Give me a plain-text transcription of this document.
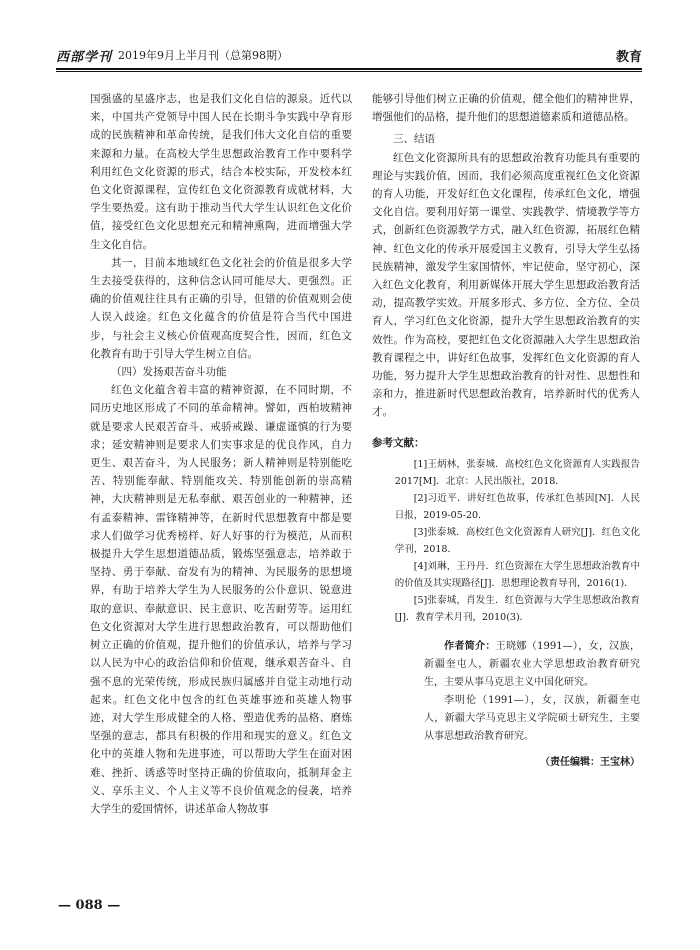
西部学刊 2019年9月上半月刊（总第98期）	教育

国强盛的星盛序志，也是我们文化自信的源泉。近代以来，中国共产党领导中国人民在长期斗争实践中孕育形成的民族精神和革命传统，是我们伟大文化自信的重要来源和力量。在高校大学生思想政治教育工作中要科学利用红色文化资源的形式，结合本校实际，开发校本红色文化资源课程，宣传红色文化资源教育成就材料，大学生要热爱。这有助于推动当代大学生认识红色文化价值，接受红色文化思想充元和精神熏陶，进而增强大学生文化自信。

其一，目前本地域红色文化社会的价值是很多大学生去接受获得的，这种信念认同可能尽大、更强烈。正确的价值观往往具有正确的引导，但错的价值观则会使人误入歧途。红色文化蕴含的价值是符合当代中国进步，与社会主义核心价值观高度契合性，因而，红色文化教育有助于引导大学生树立自信。

（四）发扬艰苦奋斗功能

红色文化蕴含着丰富的精神资源，在不同时期，不同历史地区形成了不同的革命精神。譬如，西柏坡精神就是要求人民艰苦奋斗、戒骄戒躁、谦虚谨慎的行为要求；延安精神则是要求人们实事求是的优良作风，自力更生、艰苦奋斗，为人民服务；新人精神则是特别能吃苦、特别能奉献、特别能攻关、特别能创新的崇高精神，大庆精神则是无私奉献、艰苦创业的一种精神，还有孟泰精神、雷锋精神等，在新时代思想教育中都是要求人们做学习优秀榜样、好人好事的行为模范，从而积极提升大学生思想道德品质，锻炼坚强意志，培养敢于坚持、勇于奉献、奋发有为的精神、为民服务的思想境界，有助于培养大学生为人民服务的公仆意识、锐意进取的意识、奉献意识、民主意识、吃苦耐劳等。运用红色文化资源对大学生进行思想政治教育，可以帮助他们树立正确的价值观，提升他们的价值承认，培养与学习以人民为中心的政治信仰和价值观，继承艰苦奋斗、自强不息的光荣传统，形成民族归属感并自觉主动地行动起来。红色文化中包含的红色英雄事迹和英雄人物事迹，对大学生形成健全的人格、塑造优秀的品格、磨炼坚强的意志，都具有积极的作用和现实的意义。红色文化中的英雄人物和先进事迹，可以帮助大学生在面对困难、挫折、诱惑等时坚持正确的价值取向，抵制拜金主义、享乐主义、个人主义等不良价值观念的侵袭，培养大学生的爱国情怀，讲述革命人物故事

能够引导他们树立正确的价值观，健全他们的精神世界，增强他们的品格，提升他们的思想道德素质和道德品格。

三、结语

红色文化资源所具有的思想政治教育功能具有重要的理论与实践价值，因而，我们必须高度重视红色文化资源的育人功能，开发好红色文化课程，传承红色文化，增强文化自信。要利用好第一课堂、实践教学、情境教学等方式，创新红色资源教学方式，融入红色资源，拓展红色精神、红色文化的传承开展爱国主义教育，引导大学生弘扬民族精神，激发学生家国情怀，牢记使命，坚守初心，深入红色文化教育，利用新媒体开展大学生思想政治教育活动，提高教学实效。开展多形式、多方位、全方位、全员育人，学习红色文化资源，提升大学生思想政治教育的实效性。作为高校，要把红色文化资源融入大学生思想政治教育课程之中，讲好红色故事，发挥红色文化资源的育人功能，努力提升大学生思想政治教育的针对性、思想性和亲和力，推进新时代思想政治教育，培养新时代的优秀人才。

参考文献：

[1]王炳林，张泰城．高校红色文化资源育人实践报告2017[M]．北京：人民出版社，2018．

[2]习近平．讲好红色故事，传承红色基因[N]．人民日报，2019-05-20．

[3]张泰城．高校红色文化资源育人研究[J]．红色文化学刊，2018．

[4]刘琳，王丹丹．红色资源在大学生思想政治教育中的价值及其实现路径[J]．思想理论教育导刊，2016(1)．

[5]张泰城，肖发生．红色资源与大学生思想政治教育[J]．教育学术月刊，2010(3)．

作者简介：王晓娜（1991—），女，汉族，新疆奎屯人，新疆农业大学思想政治教育研究生，主要从事马克思主义中国化研究。

李明伦（1991—），女，汉族，新疆奎屯人，新疆大学马克思主义学院硕士研究生，主要从事思想政治教育研究。

（责任编辑：王宝林）
— 088 —
